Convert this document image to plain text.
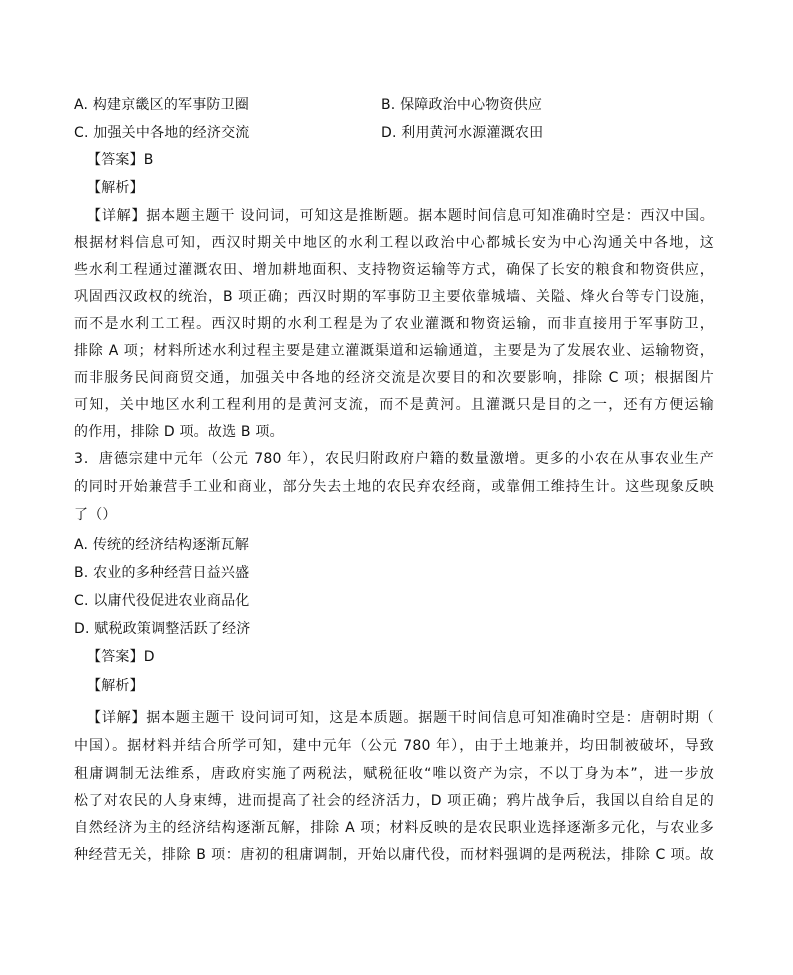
A. 构建京畿区的军事防卫圈	B. 保障政治中心物资供应
C. 加强关中各地的经济交流	D. 利用黄河水源灌溉农田
【答案】B
【解析】
【详解】据本题主题干 设问词，可知这是推断题。据本题时间信息可知准确时空是：西汉中国。
根据材料信息可知，西汉时期关中地区的水利工程以政治中心都城长安为中心沟通关中各地，这
些水利工程通过灌溉农田、增加耕地面积、支持物资运输等方式，确保了长安的粮食和物资供应，
巩固西汉政权的统治，B 项正确；西汉时期的军事防卫主要依靠城墙、关隘、烽火台等专门设施，
而不是水利工工程。西汉时期的水利工程是为了农业灌溉和物资运输，而非直接用于军事防卫，
排除 A 项；材料所述水利过程主要是建立灌溉渠道和运输通道，主要是为了发展农业、运输物资，
而非服务民间商贸交通，加强关中各地的经济交流是次要目的和次要影响，排除 C 项；根据图片
可知，关中地区水利工程利用的是黄河支流，而不是黄河。且灌溉只是目的之一，还有方便运输
的作用，排除 D 项。故选 B 项。
3．唐德宗建中元年（公元 780 年），农民归附政府户籍的数量激增。更多的小农在从事农业生产
的同时开始兼营手工业和商业，部分失去土地的农民弃农经商，或靠佣工维持生计。这些现象反映
了（）
A. 传统的经济结构逐渐瓦解
B. 农业的多种经营日益兴盛
C. 以庸代役促进农业商品化
D. 赋税政策调整活跃了经济
【答案】D
【解析】
【详解】据本题主题干 设问词可知，这是本质题。据题干时间信息可知准确时空是：唐朝时期（
中国）。据材料并结合所学可知，建中元年（公元 780 年），由于土地兼并，均田制被破坏，导致
租庸调制无法维系，唐政府实施了两税法，赋税征收“唯以资产为宗，不以丁身为本”，进一步放
松了对农民的人身束缚，进而提高了社会的经济活力，D 项正确；鸦片战争后，我国以自给自足的
自然经济为主的经济结构逐渐瓦解，排除 A 项；材料反映的是农民职业选择逐渐多元化，与农业多
种经营无关，排除 B 项：唐初的租庸调制，开始以庸代役，而材料强调的是两税法，排除 C 项。故
